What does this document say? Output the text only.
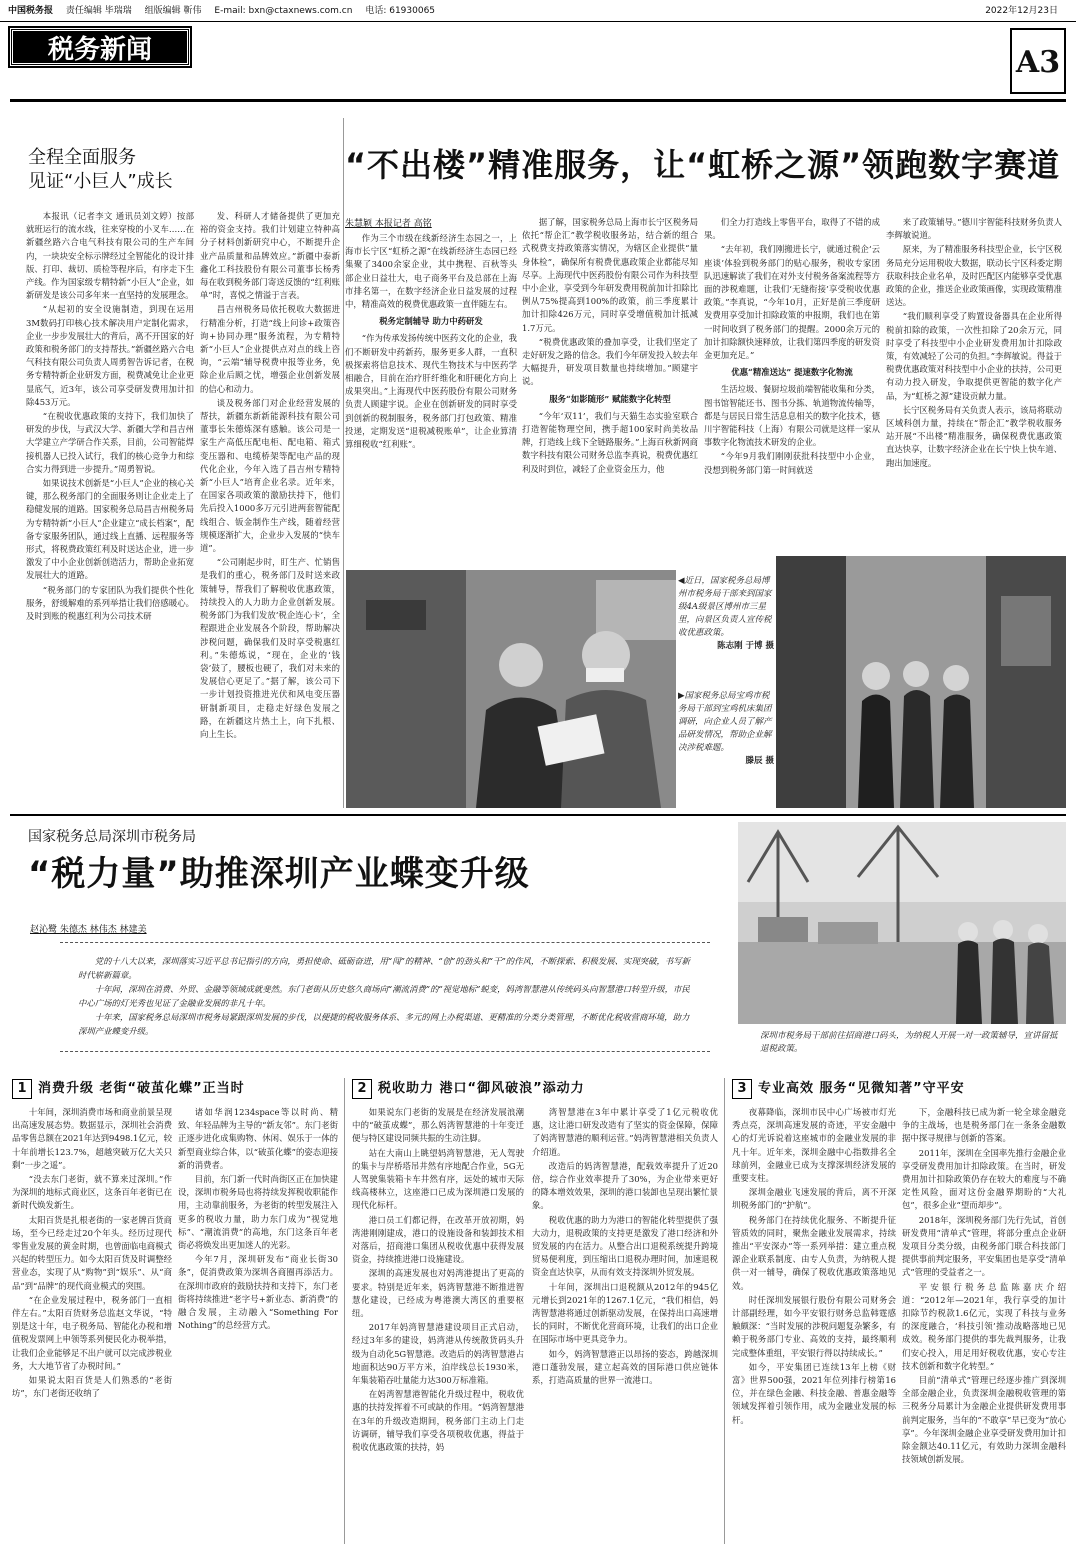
中国税务报 责任编辑 毕瑞瑞 组版编辑 靳伟 E-mail: bxn@ctaxnews.com.cn 电话: 61930065	2022年12月23日
税务新闻	A3
全程全面服务
见证“小巨人”成长

本报讯（记者李文 通讯员刘文婷）按部就班运行的流水线，往来穿梭的小叉车……在新疆丝路六合电气科技有限公司的生产车间内，一块块安全标示牌经过全智能化的设计排版、打印、裁切、质检等程序后，有序走下生产线。作为国家级专精特新“小巨人”企业，如新研发是该公司多年来一直坚持的发展理念。

“从起初的安全设施制造，到现在运用3M数码打印核心技术解决用户定制化需求，企业一步步发展壮大的背后，离不开国家的好政策和税务部门的支持帮扶。”新疆丝路六合电气科技有限公司负责人周勇智告诉记者，在税务专精特新企业研发方面，税费减免让企业更显底气，近3年，该公司享受研发费用加计扣除453万元。

“在税收优惠政策的支持下，我们加快了研发的步伐，与武汉大学、新疆大学和昌吉州大学建立产学研合作关系，目前，公司智能焊接机器人已投入试行，我们的核心竞争力和综合实力得到进一步提升。”周勇智说。

如果说技术创新是“小巨人”企业的核心关键，那么税务部门的全面服务则让企业走上了稳健发展的道路。国家税务总局昌吉州税务局为专精特新“小巨人”企业建立“成长档案”，配备专家服务团队，通过线上直播、远程服务等形式，将税费政策红利及时送达企业，进一步激发了中小企业创新创造活力，帮助企业拓宽发展壮大的道路。

“税务部门的专家团队为我们提供个性化服务，舒缓解难的系列举措让我们倍感暖心。及时到账的税惠红利为公司技术研

发、科研人才储备提供了更加充裕的资金支持。我们计划建立特种高分子材料创新研究中心，不断提升企业产品质量和品牌效应。”新疆中泰新鑫化工科技股份有限公司董事长杨秀每在收到税务部门寄送反馈的“红利账单”时，喜悦之情溢于言表。

昌吉州税务局依托税收大数据进行精准分析，打造“线上问诊+政策咨询+协同办理”服务流程，为专精特新“小巨人”企业提供点对点的线上咨询，“云端”辅导税费申报等业务，免除企业后顾之忧，增强企业创新发展的信心和动力。

谈及税务部门对企业经营发展的帮扶，新疆东新新能源科技有限公司董事长朱德炼深有感触。该公司是一家生产高低压配电柜、配电箱、箱式变压器和、电缆桥架等配电产品的现代化企业，今年入选了昌吉州专精特新“小巨人”培育企业名录。近年来，在国家各项政策的激励扶持下，他们先后投入1000多万元引进两套智能配线组合、钣金制作生产线，随着经营规模逐渐扩大，企业步入发展的“快车道”。

“公司刚起步时，盯生产、忙销售是我们的重心，税务部门及时送来政策辅导，帮我们了解税收优惠政策，持续投入的人力助力企业创新发展。税务部门为我们发放‘税企连心卡’，全程跟进企业发展各个阶段，帮助解决涉税问题，确保我们及时享受税惠红利。”朱德炼说，“现在，企业的‘钱袋’鼓了，腰板也硬了，我们对未来的发展信心更足了。”据了解，该公司下一步计划投资推进光伏和风电变压器研制新项目，走稳走好绿色发展之路，在新疆这片热土上，向下扎根、向上生长。

“不出楼”精准服务，让“虹桥之源”领跑数字赛道
朱慧颖 本报记者 高铭

作为三个市级在线新经济生态园之一，上海市长宁区“虹桥之源”在线新经济生态园已经集聚了3400余家企业，其中携程、百秋等头部企业日益壮大，电子商务平台及总部在上海市排名第一，在数字经济企业日益发展的过程中，精准高效的税费优惠政策一直伴随左右。

税务定制辅导 助力中药研发

“作为传承发扬传统中医药文化的企业，我们不断研发中药新药，服务更多人群，一直积极探索将信息技术、现代生物技术与中医药学相融合，目前在治疗肝纤维化和肝硬化方向上成果突出。”上海现代中医药股份有限公司财务负责人顾建宇说。企业在创新研发的同时享受到创新的税制服务，税务部门打包政策、精准投递，定期发送“退税减税账单”，让企业算清算细税收“红利账”。

据了解，国家税务总局上海市长宁区税务局依托“帮企汇”教学税收服务站，结合新的组合式税费支持政策落实情况，为辖区企业提供“量身体检”，确保所有税费优惠政策企业都能尽知尽享。上海现代中医药股份有限公司作为科技型中小企业，享受到今年研发费用税前加计扣除比例从75%提高到100%的政策，前三季度累计加计扣除426万元，同时享受增值税加计抵减1.7万元。

“税费优惠政策的叠加享受，让我们坚定了走好研发之路的信念。我们今年研发投入较去年大幅提升，研发项目数量也持续增加。”顾建宇说。

服务“如影随形” 赋能数字化转型

“今年‘双11’，我们与天猫生态实验室联合打造智能物理空间，携手超100家时尚美妆品牌，打造线上线下全链路服务。”上海百秋新网商数字科技有限公司财务总监李真说，税费优惠红利及时到位，减轻了企业资金压力，他

们全力打造线上零售平台，取得了不错的成果。

“去年初，我们刚搬进长宁，就通过税企‘云座谈’体验到税务部门的贴心服务，税收专家团队迅速解读了我们在对外支付税务备案流程等方面的涉税难题，让我们‘无缝衔接’享受税收优惠政策。”李真说，“今年10月，正好是前三季度研发费用享受加计扣除政策的申报期，我们也在第一时间收到了税务部门的提醒。2000余万元的加计扣除额快速释放，让我们第四季度的研发资金更加充足。”

优惠“精准送达” 提速数字化物流

生活垃圾、餐厨垃圾前端智能收集和分类，图书馆智能还书、图书分拣、轨道物流传输等，都是与居民日常生活息息相关的数字化技术，德川宇智能科技（上海）有限公司就是这样一家从事数字化物流技术研发的企业。

“今年9月我们刚刚获批科技型中小企业，没想到税务部门第一时间就送

来了政策辅导。”德川宇智能科技财务负责人李辉敏说道。

原来，为了精准服务科技型企业，长宁区税务局充分运用税收大数据，联动长宁区科委定期获取科技企业名单，及时匹配区内能够享受优惠政策的企业，推送企业政策画像，实现政策精准送达。

“我们顺利享受了购置设备器具在企业所得税前扣除的政策，一次性扣除了20余万元，同时享受了科技型中小企业研发费用加计扣除政策，有效减轻了公司的负担。”李辉敏说。得益于税费优惠政策对科技型中小企业的扶持，公司更有动力投入研发，争取提供更智能的数字化产品，为“虹桥之源”建设贡献力量。

长宁区税务局有关负责人表示，该局将联动区域科创力量，持续在“帮企汇”教学税收服务站开展“不出楼”精准服务，确保税费优惠政策直达快享，让数字经济企业在长宁快上快车道、跑出加速度。

◀近日，国家税务总局博州市税务局干部来到国家级4A级景区博州市三星里，向景区负责人宣传税收优惠政策。
陈志刚 于博 摄
▶国家税务总局宝鸡市税务局干部到宝鸡机床集团调研，向企业人员了解产品研发情况，帮助企业解决涉税难题。
滕辰 摄
国家税务总局深圳市税务局
“税力量”助推深圳产业蝶变升级
赵沁鹭 朱德杰 林伟杰 林建美

党的十八大以来，深圳落实习近平总书记指引的方向，勇担使命、砥砺奋进，用“闯”的精神、“创”的劲头和“干”的作风，不断探索、积极发展、实现突破，书写新时代崭新篇章。

十年间，深圳在消费、外贸、金融等领域成就斐然。东门老街从历史悠久商场向“潮流消费”的“视觉地标”蜕变，妈湾智慧港从传统码头向智慧港口转型升级，市民中心广场的灯光秀也见证了金融业发展的非凡十年。

十年来，国家税务总局深圳市税务局紧跟深圳发展的步伐，以便捷的税收服务体系、多元的网上办税渠道、更精准的分类分类管理，不断优化税收营商环境，助力深圳产业蝶变升级。	深圳市税务局干部前往招商港口码头，为纳税人开展一对一政策辅导，宣讲留抵退税政策。
1 消费升级 老街“破茧化蝶”正当时	2 税收助力 港口“御风破浪”添动力	3 专业高效 服务“见微知著”守平安

十年间，深圳消费市场和商业前景呈现出高速发展态势。数据显示，深圳社会消费品零售总额在2021年达到9498.1亿元，较十年前增长123.7%，超越突破万亿大关只剩“一步之遥”。

“没去东门老街，就不算来过深圳。”作为深圳的地标式商业区，这条百年老街已在新时代焕发新生。

太阳百货是扎根老街的一家老牌百货商场，至今已经走过20个年头。经历过现代零售业发展的黄金时期，也曾面临电商模式兴起的转型压力。如今太阳百货及时调整经营业态，实现了从“购物”到“娱乐”、从“商品”到“品牌”的现代商业模式的突围。

“在企业发展过程中，税务部门一直相伴左右。”太阳百货财务总监赵文华说，“特别是这十年，电子税务局、智能化办税和增值税发票网上申领等系列便民化办税举措，让我们企业能够足不出户就可以完成涉税业务，大大地节省了办税时间。”

如果说太阳百货是人们熟悉的“老街坊”，东门老街还收纳了

诸如华润1234space等以时尚、精致、年轻品牌为主导的“新友邻”。东门老街正逐步进化成集购物、休闲、娱乐于一体的新型商业综合体，以“破茧化蝶”的姿态迎接新的消费者。

目前，东门新一代时尚街区正在加快建设，深圳市税务局也将持续发挥税收职能作用，主动靠前服务，为老街的转型发展注入更多的税收力量，助力东门成为“视觉地标”、“潮流消费”的高地，东门这条百年老街必将焕发出更加迷人的光彩。

今年7月，深圳研发布“商业长街30条”，促消费政策为深圳各商圈再添活力。在深圳市政府的鼓励扶持和支持下，东门老街将持续推进“老字号+新业态、新消费”的融合发展，主动融入“Something For Nothing”的总经营方式。

如果说东门老街的发展是在经济发展浪潮中的“破茧成蝶”，那么妈湾智慧港的十年变迁便与特区建设同频共振的生动注脚。

站在大南山上眺望妈湾智慧港，无人驾驶的集卡与岸桥塔吊井然有序地配合作业，5G无人驾驶集装箱卡车井然有序，远处的城市天际线高楼林立，这座港口已成为深圳港口发展的现代化标杆。

港口员工们都记得，在改革开放初期，妈湾港刚刚建成，港口的设施设备和装卸技术相对落后，招商港口集团从税收优惠中获得发展资金，持续推进港口设施建设。

深圳的高速发展也对妈湾港提出了更高的要求。特别是近年来，妈湾智慧港不断推进智慧化建设，已经成为粤港澳大湾区的重要枢纽。

2017年妈湾智慧港建设项目正式启动，经过3年多的建设，妈湾港从传统散货码头升级为自动化5G智慧港。改造后的妈湾智慧港占地面积达90万平方米，泊岸线总长1930米，年集装箱吞吐量能力达300万标准箱。

在妈湾智慧港智能化升级过程中，税收优惠的扶持发挥着不可或缺的作用。“妈湾智慧港在3年的升级改造期间，税务部门主动上门走访调研，辅导我们享受各项税收优惠，得益于税收优惠政策的扶持，妈

湾智慧港在3年中累计享受了1亿元税收优惠，这让港口研发改造有了坚实的资金保障，保障了妈湾智慧港的顺利运营。”妈湾智慧港相关负责人介绍道。

改造后的妈湾智慧港，配载效率提升了近20倍，综合作业效率提升了30%，为企业带来更好的降本增效效果，深圳的港口装卸也呈现出繁忙景象。

税收优惠的助力为港口的智能化转型提供了强大动力，退税政策的支持更是激发了港口经济和外贸发展的内在活力。从整合出口退税系统提升跨境贸易便利度，到压缩出口退税办理时间，加速退税资金直达快享，从而有效支持深圳外贸发展。

十年间，深圳出口退税额从2012年的945亿元增长到2021年的1267.1亿元，“我们相信，妈湾智慧港将通过创新驱动发展，在保持出口高速增长的同时，不断优化营商环境，让我们的出口企业在国际市场中更具竞争力。

如今，妈湾智慧港正以昂扬的姿态，跨越深圳港口蓬勃发展，建立起高效的国际港口供应链体系，打造高质量的世界一流港口。

夜幕降临，深圳市民中心广场被市灯光秀点亮，深圳高速发展的奇迹，平安金融中心的灯光诉说着这座城市的金融业发展的非凡十年。近年来，深圳金融中心指数排名全球前列，金融业已成为支撑深圳经济发展的重要支柱。

深圳金融业飞速发展的背后，离不开深圳税务部门的“护航”。

税务部门在持续优化服务、不断提升征管质效的同时，聚焦金融业发展需求，持续推出“平安深办”等一系列举措：建立重点税源企业联系制度、由专人负责，为纳税人提供一对一辅导，确保了税收优惠政策落地见效。

时任深圳发展银行股份有限公司财务会计部副经理，如今平安银行财务总监韩霆感触颇深：“当时发展的涉税问题复杂繁多，有赖于税务部门专业、高效的支持，最终顺利完成整体重组，平安银行得以持续成长。”

如今，平安集团已连续13年上榜《财富》世界500强，2021年位列排行榜第16位，并在绿色金融、科技金融、普惠金融等领域发挥着引领作用，成为金融业发展的标杆。

下，金融科技已成为新一轮全球金融竞争的主战场，也是税务部门在一条条金融数据中探寻规律与创新的答案。

2011年，深圳在全国率先推行金融企业享受研发费用加计扣除政策。在当时，研发费用加计扣除政策仍存在较大的难度与不确定性风险，面对这份金融界期盼的“大礼包”，很多企业“望而却步”。

2018年，深圳税务部门先行先试，首创研发费用“清单式”管理，将部分重点企业研发项目分类分级，由税务部门联合科技部门提供事前判定服务，平安集团也是享受“清单式”管理的受益者之一。

平安银行税务总监陈嘉庆介绍道：“2012年—2021年，我行享受的加计扣除节约税款1.6亿元，实现了科技与业务的深度融合，‘科技引领’推动战略落地已见成效。税务部门提供的事先裁判服务，让我们安心投入，用足用好税收优惠，安心专注技术创新和数字化转型。”

目前“清单式”管理已经逐步推广到深圳全部金融企业，负责深圳金融税收管理的第三税务分局累计为金融企业提供研发费用事前判定服务，当年的“不敢享”早已变为“放心享”。今年深圳金融企业享受研发费用加计扣除金额达40.11亿元，有效助力深圳金融科技领域创新发展。
